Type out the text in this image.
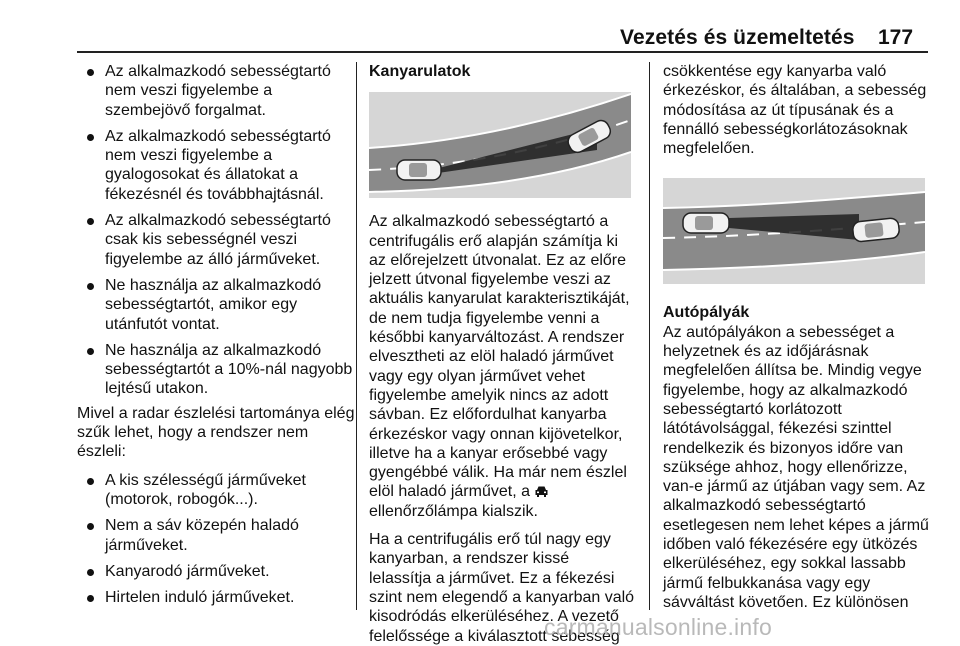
Vezetés és üzemeltetés 177
Az alkalmazkodó sebességtartó nem veszi figyelembe a szembejövő forgalmat.
Az alkalmazkodó sebességtartó nem veszi figyelembe a gyalogosokat és állatokat a fékezésnél és továbbhajtásnál.
Az alkalmazkodó sebességtartó csak kis sebességnél veszi figyelembe az álló járműveket.
Ne használja az alkalmazkodó sebességtartót, amikor egy utánfutót vontat.
Ne használja az alkalmazkodó sebességtartót a 10%-nál nagyobb lejtésű utakon.

Mivel a radar észlelési tartománya elég szűk lehet, hogy a rendszer nem észleli:

A kis szélességű járműveket (motorok, robogók...).
Nem a sáv közepén haladó járműveket.
Kanyarodó járműveket.
Hirtelen induló járműveket.
Kanyarulatok

Az alkalmazkodó sebességtartó a centrifugális erő alapján számítja ki az előrejelzett útvonalat. Ez az előre jelzett útvonal figyelembe veszi az aktuális kanyarulat karakterisztikáját, de nem tudja figyelembe venni a későbbi kanyarváltozást. A rendszer elvesztheti az elöl haladó járművet vagy egy olyan járművet vehet figyelembe amelyik nincs az adott sávban. Ez előfordulhat kanyarba érkezéskor vagy onnan kijövetelkor, illetve ha a kanyar erősebbé vagy gyengébbé válik. Ha már nem észlel elöl haladó járművet, a
ellenőrzőlámpa kialszik.

Ha a centrifugális erő túl nagy egy kanyarban, a rendszer kissé lelassítja a járművet. Ez a fékezési szint nem elegendő a kanyarban való kisodródás elkerüléséhez. A vezető felelőssége a kiválasztott sebesség

csökkentése egy kanyarba való érkezéskor, és általában, a sebesség módosítása az út típusának és a fennálló sebességkorlátozásoknak megfelelően.

Autópályák

Az autópályákon a sebességet a helyzetnek és az időjárásnak megfelelően állítsa be. Mindig vegye figyelembe, hogy az alkalmazkodó sebességtartó korlátozott látótávolsággal, fékezési szinttel rendelkezik és bizonyos időre van szüksége ahhoz, hogy ellenőrizze, van-e jármű az útjában vagy sem. Az alkalmazkodó sebességtartó esetlegesen nem lehet képes a jármű időben való fékezésére egy ütközés elkerüléséhez, egy sokkal lassabb jármű felbukkanása vagy egy sávváltást követően. Ez különösen

carmanualsonline.info
